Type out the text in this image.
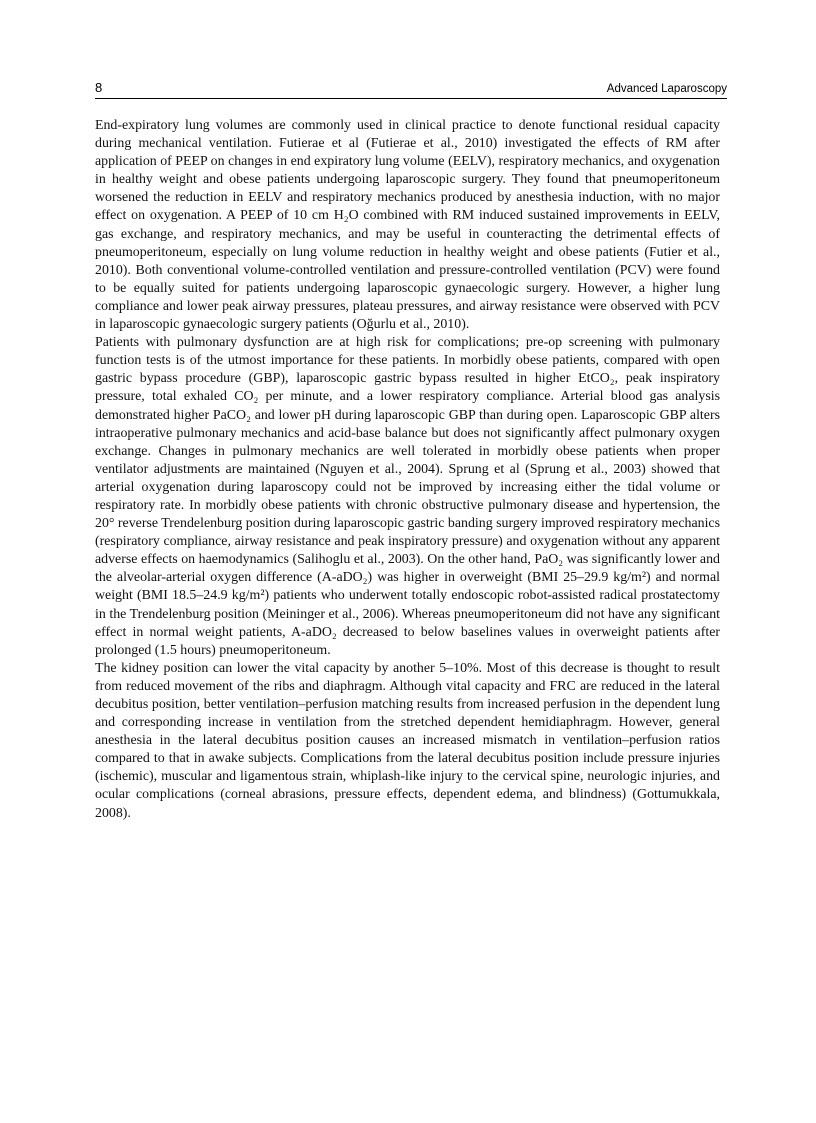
8	Advanced Laparoscopy

End-expiratory lung volumes are commonly used in clinical practice to denote functional residual capacity during mechanical ventilation. Futierae et al (Futierae et al., 2010) investigated the effects of RM after application of PEEP on changes in end expiratory lung volume (EELV), respiratory mechanics, and oxygenation in healthy weight and obese patients undergoing laparoscopic surgery. They found that pneumoperitoneum worsened the reduction in EELV and respiratory mechanics produced by anesthesia induction, with no major effect on oxygenation. A PEEP of 10 cm H₂O combined with RM induced sustained improvements in EELV, gas exchange, and respiratory mechanics, and may be useful in counteracting the detrimental effects of pneumoperitoneum, especially on lung volume reduction in healthy weight and obese patients (Futier et al., 2010). Both conventional volume-controlled ventilation and pressure-controlled ventilation (PCV) were found to be equally suited for patients undergoing laparoscopic gynaecologic surgery. However, a higher lung compliance and lower peak airway pressures, plateau pressures, and airway resistance were observed with PCV in laparoscopic gynaecologic surgery patients (Oğurlu et al., 2010).

Patients with pulmonary dysfunction are at high risk for complications; pre-op screening with pulmonary function tests is of the utmost importance for these patients. In morbidly obese patients, compared with open gastric bypass procedure (GBP), laparoscopic gastric bypass resulted in higher EtCO₂, peak inspiratory pressure, total exhaled CO₂ per minute, and a lower respiratory compliance. Arterial blood gas analysis demonstrated higher PaCO₂ and lower pH during laparoscopic GBP than during open. Laparoscopic GBP alters intraoperative pulmonary mechanics and acid-base balance but does not significantly affect pulmonary oxygen exchange. Changes in pulmonary mechanics are well tolerated in morbidly obese patients when proper ventilator adjustments are maintained (Nguyen et al., 2004). Sprung et al (Sprung et al., 2003) showed that arterial oxygenation during laparoscopy could not be improved by increasing either the tidal volume or respiratory rate. In morbidly obese patients with chronic obstructive pulmonary disease and hypertension, the 20° reverse Trendelenburg position during laparoscopic gastric banding surgery improved respiratory mechanics (respiratory compliance, airway resistance and peak inspiratory pressure) and oxygenation without any apparent adverse effects on haemodynamics (Salihoglu et al., 2003). On the other hand, PaO₂ was significantly lower and the alveolar-arterial oxygen difference (A-aDO₂) was higher in overweight (BMI 25–29.9 kg/m²) and normal weight (BMI 18.5–24.9 kg/m²) patients who underwent totally endoscopic robot-assisted radical prostatectomy in the Trendelenburg position (Meininger et al., 2006). Whereas pneumoperitoneum did not have any significant effect in normal weight patients, A-aDO₂ decreased to below baselines values in overweight patients after prolonged (1.5 hours) pneumoperitoneum.

The kidney position can lower the vital capacity by another 5–10%. Most of this decrease is thought to result from reduced movement of the ribs and diaphragm. Although vital capacity and FRC are reduced in the lateral decubitus position, better ventilation–perfusion matching results from increased perfusion in the dependent lung and corresponding increase in ventilation from the stretched dependent hemidiaphragm. However, general anesthesia in the lateral decubitus position causes an increased mismatch in ventilation–perfusion ratios compared to that in awake subjects. Complications from the lateral decubitus position include pressure injuries (ischemic), muscular and ligamentous strain, whiplash-like injury to the cervical spine, neurologic injuries, and ocular complications (corneal abrasions, pressure effects, dependent edema, and blindness) (Gottumukkala, 2008).
